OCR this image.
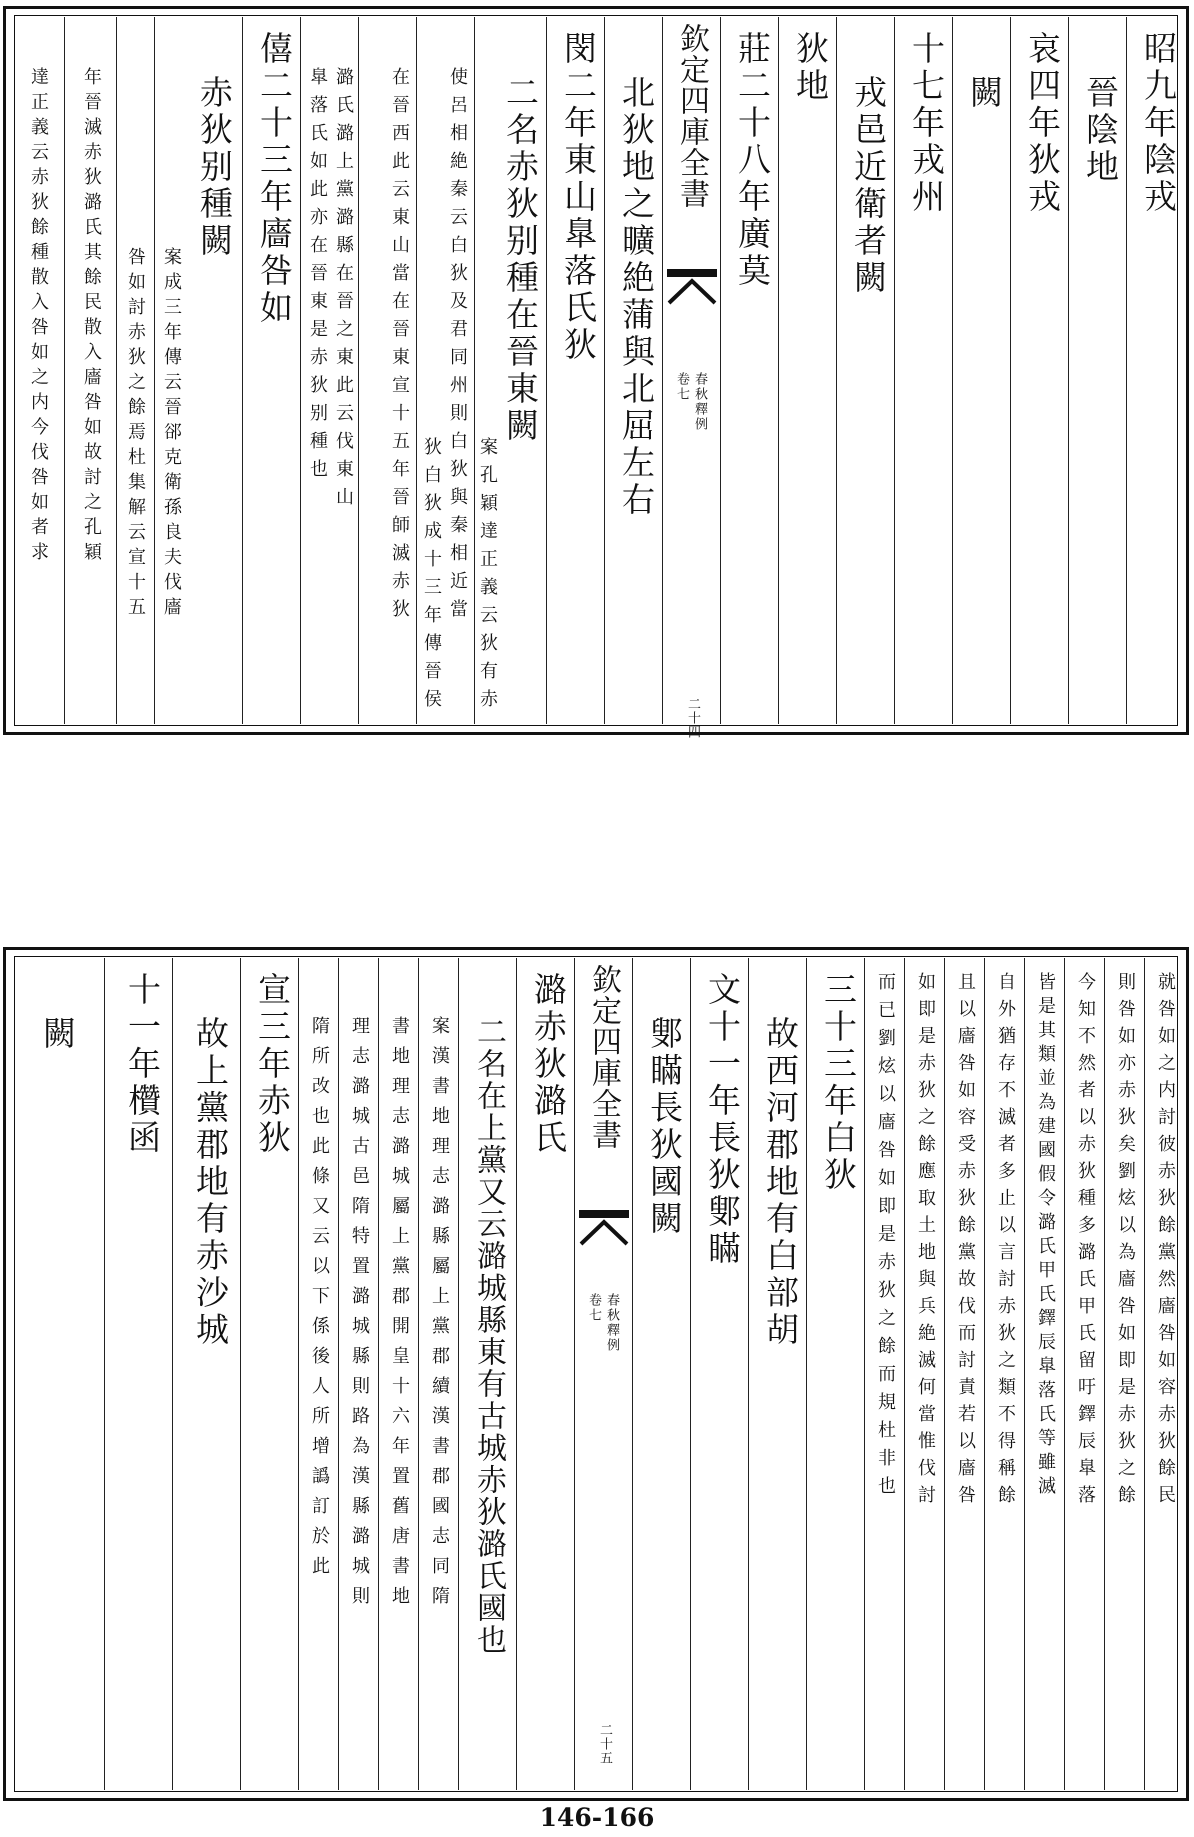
昭九年陰戎
晉陰地
哀四年狄戎
闕
十七年戎州
戎邑近衛者闕
狄地
莊二十八年廣莫
欽定四庫全書
春秋釋例
卷七
二十四
北狄地之曠絶蒲與北屈左右
閔二年東山臯落氏狄
二名赤狄别種在晉東闕
案孔穎達正義云狄有赤
使呂相絶秦云白狄及君同州則白狄與秦相近當
狄白狄成十三年傳晉侯
在晉西此云東山當在晉東宣十五年晉師滅赤狄
潞氏潞上黨潞縣在晉之東此云伐東山
臯落氏如此亦在晉東是赤狄别種也
僖二十三年廧咎如
赤狄别種闕
案成三年傳云晉郤克衛孫良夫伐廧
咎如討赤狄之餘焉杜集解云宣十五
年晉滅赤狄潞氏其餘民散入廧咎如故討之孔穎
達正義云赤狄餘種散入咎如之内今伐咎如者求
就咎如之内討彼赤狄餘黨然廧咎如容赤狄餘民
則咎如亦赤狄矣劉炫以為廧咎如即是赤狄之餘
今知不然者以赤狄種多潞氏甲氏留吁鐸辰臯落
皆是其類並為建國假令潞氏甲氏鐸辰臯落氏等雖滅
自外猶存不滅者多止以言討赤狄之類不得稱餘
且以廧咎如容受赤狄餘黨故伐而討責若以廧咎
如即是赤狄之餘應取土地與兵絶滅何當惟伐討
而已劉炫以廧咎如即是赤狄之餘而規杜非也
三十三年白狄
故西河郡地有白部胡
文十一年長狄鄋瞞
鄋瞞長狄國闕
欽定四庫全書
春秋釋例
卷七
二十五
潞赤狄潞氏
二名在上黨又云潞城縣東有古城赤狄潞氏國也
案漢書地理志潞縣屬上黨郡續漢書郡國志同隋
書地理志潞城屬上黨郡開皇十六年置舊唐書地
理志潞城古邑隋特置潞城縣則路為漢縣潞城則
隋所改也此條又云以下係後人所增譌訂於此
宣三年赤狄
故上黨郡地有赤沙城
十一年欑函
闕
146-166
